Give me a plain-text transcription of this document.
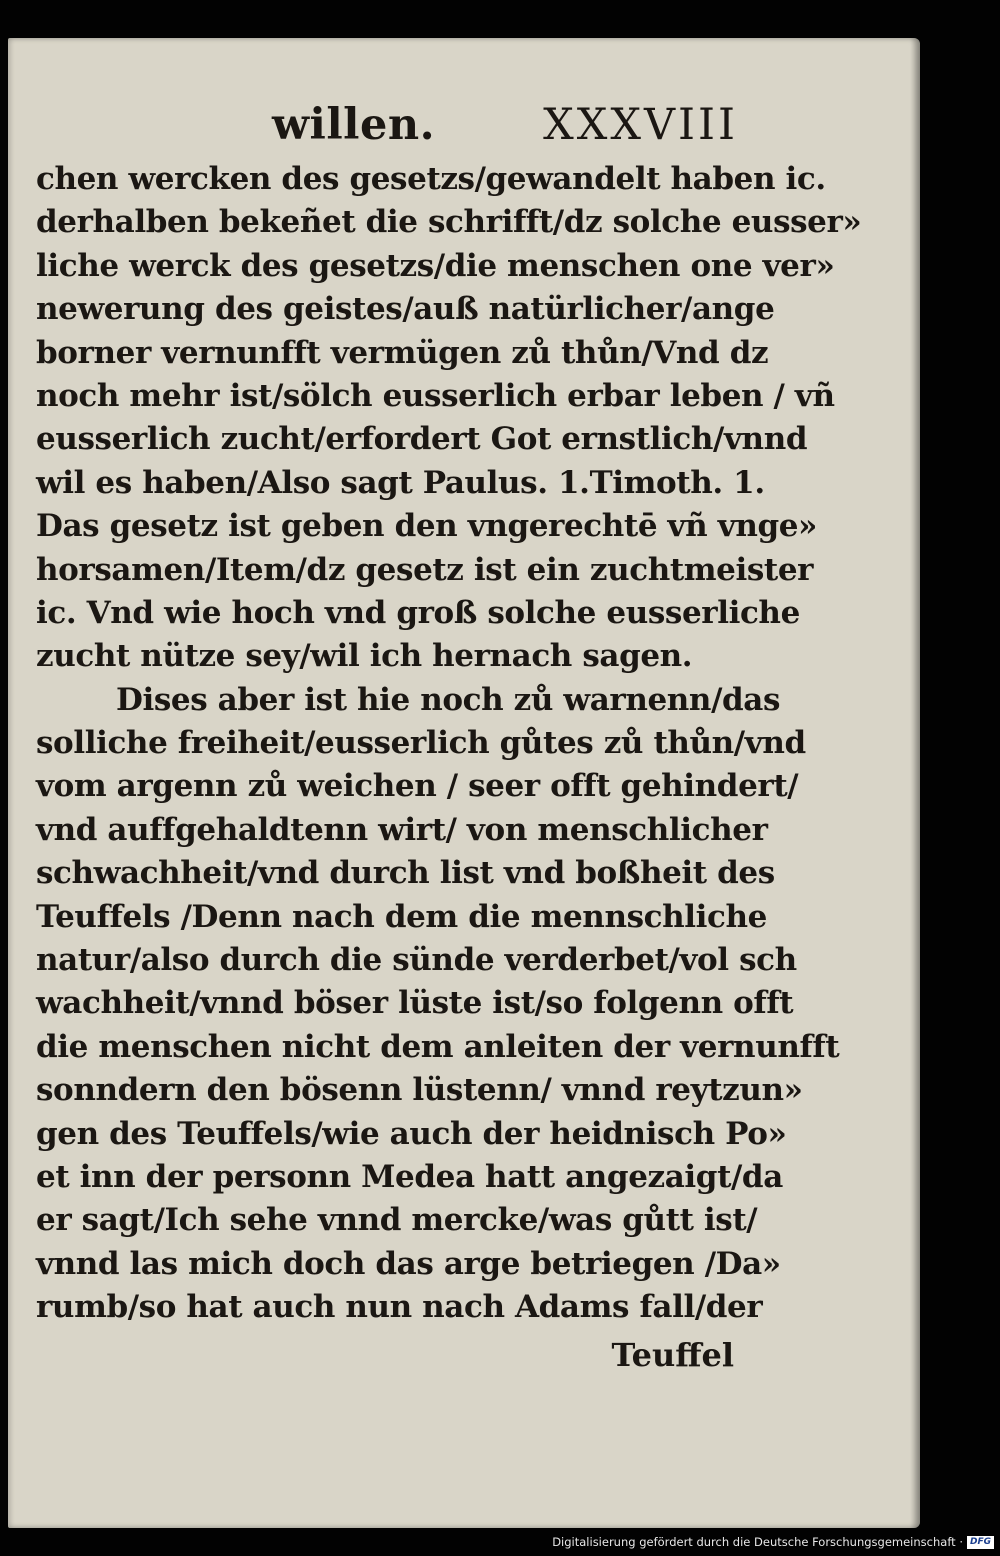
willen.	XXXVIII
chen wercken des gesetzs/gewandelt haben ic.
derhalben bekeñet die schrifft/dz solche eusser»
liche werck des gesetzs/die menschen one ver»
newerung des geistes/auß natürlicher/ange
borner vernunfft vermügen zů thůn/Vnd dz
noch mehr ist/sölch eusserlich erbar leben / vñ
eusserlich zucht/erfordert Got ernstlich/vnnd
wil es haben/Also sagt Paulus. 1.Timoth. 1.
Das gesetz ist geben den vngerechtē vñ vnge»
horsamen/Item/dz gesetz ist ein zuchtmeister
ic. Vnd wie hoch vnd groß solche eusserliche
zucht nütze sey/wil ich hernach sagen.
Dises aber ist hie noch zů warnenn/das
solliche freiheit/eusserlich gůtes zů thůn/vnd
vom argenn zů weichen / seer offt gehindert/
vnd auffgehaldtenn wirt/ von menschlicher
schwachheit/vnd durch list vnd boßheit des
Teuffels /Denn nach dem die mennschliche
natur/also durch die sünde verderbet/vol sch
wachheit/vnnd böser lüste ist/so folgenn offt
die menschen nicht dem anleiten der vernunfft
sonndern den bösenn lüstenn/ vnnd reytzun»
gen des Teuffels/wie auch der heidnisch Po»
et inn der personn Medea hatt angezaigt/da
er sagt/Ich sehe vnnd mercke/was gůtt ist/
vnnd las mich doch das arge betriegen /Da»
rumb/so hat auch nun nach Adams fall/der
Teuffel
Digitalisierung gefördert durch die Deutsche Forschungsgemeinschaft · DFG
